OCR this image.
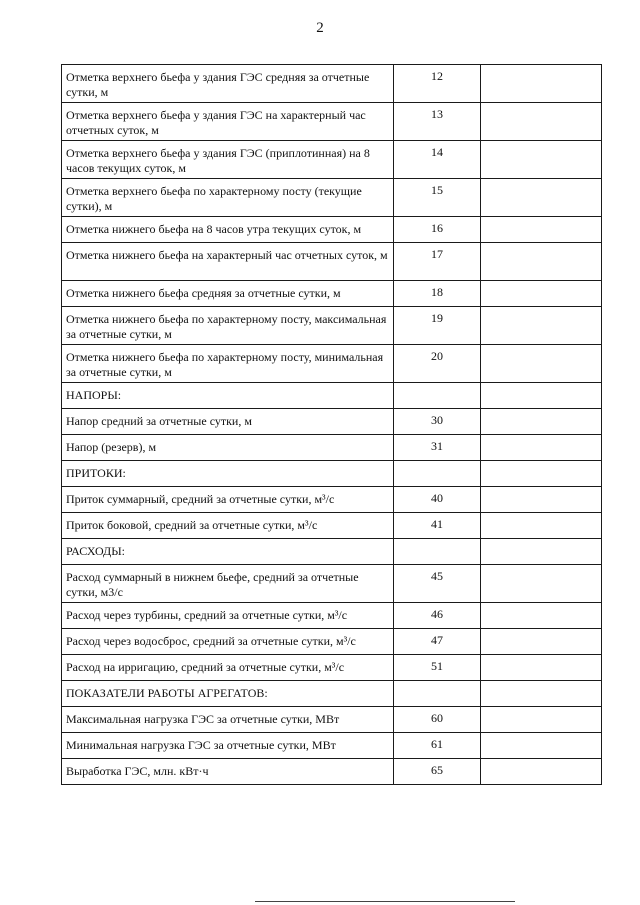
2
Отметка верхнего бьефа у здания ГЭС средняя за отчетные сутки, м	12	
Отметка верхнего бьефа у здания ГЭС на характерный час отчетных суток, м	13	
Отметка верхнего бьефа у здания ГЭС (приплотинная) на 8 часов текущих суток, м	14	
Отметка верхнего бьефа по характерному посту (текущие сутки), м	15	
Отметка нижнего бьефа на 8 часов утра текущих суток, м	16	
Отметка нижнего бьефа на характерный час отчетных суток, м	17	
Отметка нижнего бьефа средняя за отчетные сутки, м	18	
Отметка нижнего бьефа по характерному посту, максимальная за отчетные сутки, м	19	
Отметка нижнего бьефа по характерному посту, минимальная за отчетные сутки, м	20	
НАПОРЫ:		
Напор средний за отчетные сутки, м	30	
Напор (резерв), м	31	
ПРИТОКИ:		
Приток суммарный, средний за отчетные сутки, м³/с	40	
Приток боковой, средний за отчетные сутки, м³/с	41	
РАСХОДЫ:		
Расход суммарный в нижнем бьефе, средний за отчетные сутки, м3/с	45	
Расход через турбины, средний за отчетные сутки, м³/с	46	
Расход через водосброс, средний за отчетные сутки, м³/с	47	
Расход на ирригацию, средний за отчетные сутки, м³/с	51	
ПОКАЗАТЕЛИ РАБОТЫ АГРЕГАТОВ:		
Максимальная нагрузка ГЭС за отчетные сутки, МВт	60	
Минимальная нагрузка ГЭС за отчетные сутки, МВт	61	
Выработка ГЭС, млн. кВт·ч	65	
